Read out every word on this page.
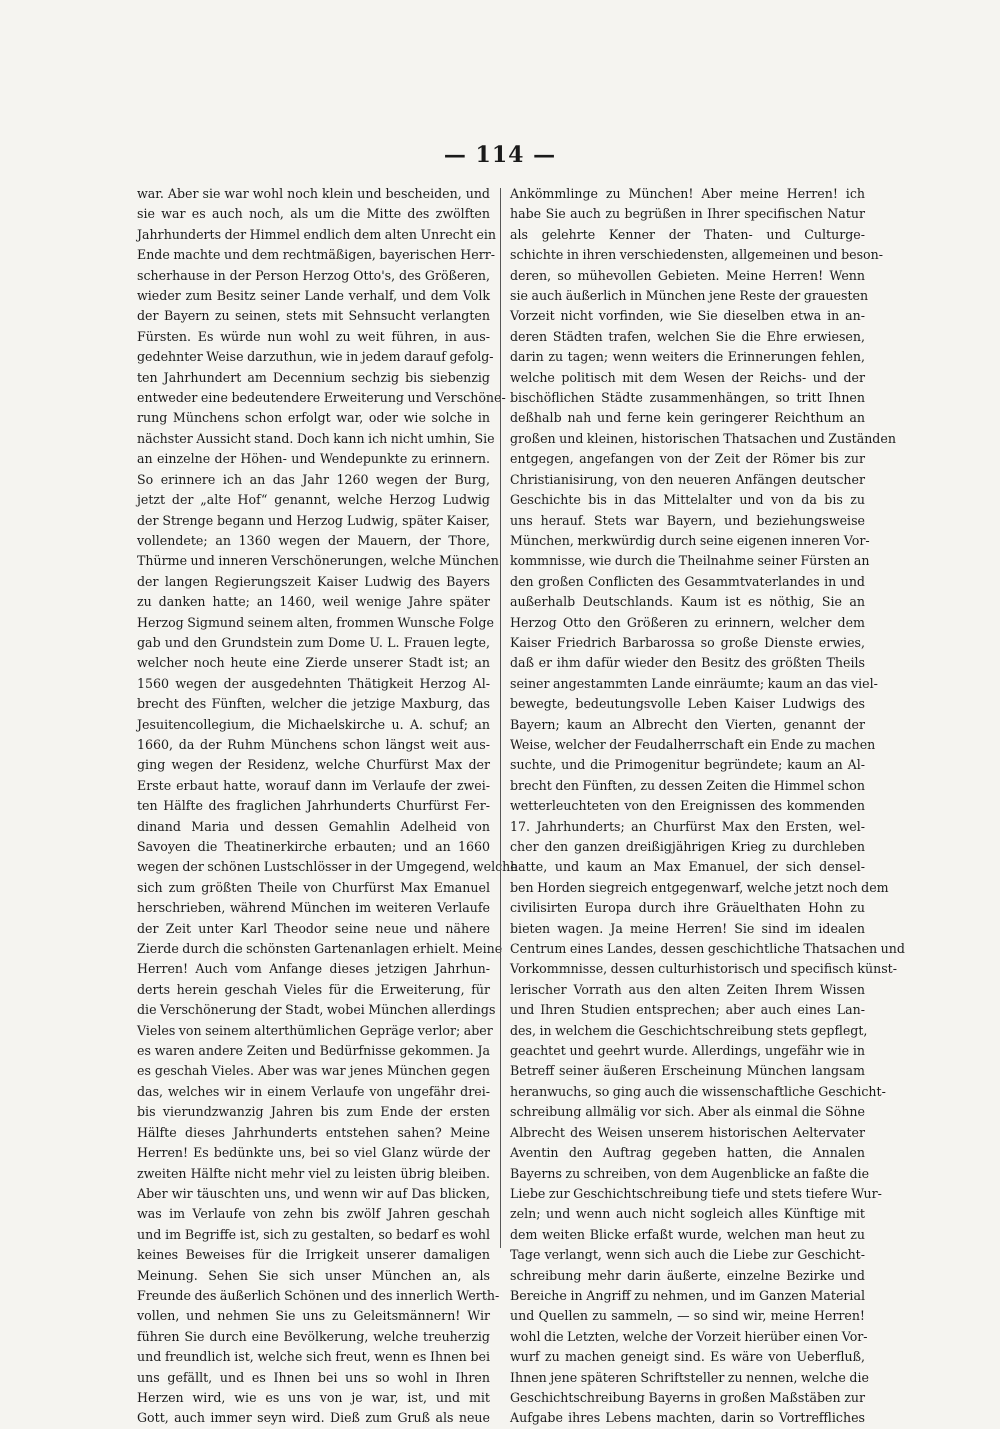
— 114 —
war. Aber sie war wohl noch klein und bescheiden, und
sie war es auch noch, als um die Mitte des zwölften
Jahrhunderts der Himmel endlich dem alten Unrecht ein
Ende machte und dem rechtmäßigen, bayerischen Herr-
scherhause in der Person Herzog Otto's, des Größeren,
wieder zum Besitz seiner Lande verhalf, und dem Volk
der Bayern zu seinen, stets mit Sehnsucht verlangten
Fürsten. Es würde nun wohl zu weit führen, in aus-
gedehnter Weise darzuthun, wie in jedem darauf gefolg-
ten Jahrhundert am Decennium sechzig bis siebenzig
entweder eine bedeutendere Erweiterung und Verschöne-
rung Münchens schon erfolgt war, oder wie solche in
nächster Aussicht stand. Doch kann ich nicht umhin, Sie
an einzelne der Höhen- und Wendepunkte zu erinnern.
So erinnere ich an das Jahr 1260 wegen der Burg,
jetzt der „alte Hof“ genannt, welche Herzog Ludwig
der Strenge begann und Herzog Ludwig, später Kaiser,
vollendete; an 1360 wegen der Mauern, der Thore,
Thürme und inneren Verschönerungen, welche München
der langen Regierungszeit Kaiser Ludwig des Bayers
zu danken hatte; an 1460, weil wenige Jahre später
Herzog Sigmund seinem alten, frommen Wunsche Folge
gab und den Grundstein zum Dome U. L. Frauen legte,
welcher noch heute eine Zierde unserer Stadt ist; an
1560 wegen der ausgedehnten Thätigkeit Herzog Al-
brecht des Fünften, welcher die jetzige Maxburg, das
Jesuitencollegium, die Michaelskirche u. A. schuf; an
1660, da der Ruhm Münchens schon längst weit aus-
ging wegen der Residenz, welche Churfürst Max der
Erste erbaut hatte, worauf dann im Verlaufe der zwei-
ten Hälfte des fraglichen Jahrhunderts Churfürst Fer-
dinand Maria und dessen Gemahlin Adelheid von
Savoyen die Theatinerkirche erbauten; und an 1660
wegen der schönen Lustschlösser in der Umgegend, welche
sich zum größten Theile von Churfürst Max Emanuel
herschrieben, während München im weiteren Verlaufe
der Zeit unter Karl Theodor seine neue und nähere
Zierde durch die schönsten Gartenanlagen erhielt. Meine
Herren! Auch vom Anfange dieses jetzigen Jahrhun-
derts herein geschah Vieles für die Erweiterung, für
die Verschönerung der Stadt, wobei München allerdings
Vieles von seinem alterthümlichen Gepräge verlor; aber
es waren andere Zeiten und Bedürfnisse gekommen. Ja
es geschah Vieles. Aber was war jenes München gegen
das, welches wir in einem Verlaufe von ungefähr drei-
bis vierundzwanzig Jahren bis zum Ende der ersten
Hälfte dieses Jahrhunderts entstehen sahen? Meine
Herren! Es bedünkte uns, bei so viel Glanz würde der
zweiten Hälfte nicht mehr viel zu leisten übrig bleiben.
Aber wir täuschten uns, und wenn wir auf Das blicken,
was im Verlaufe von zehn bis zwölf Jahren geschah
und im Begriffe ist, sich zu gestalten, so bedarf es wohl
keines Beweises für die Irrigkeit unserer damaligen
Meinung. Sehen Sie sich unser München an, als
Freunde des äußerlich Schönen und des innerlich Werth-
vollen, und nehmen Sie uns zu Geleitsmännern! Wir
führen Sie durch eine Bevölkerung, welche treuherzig
und freundlich ist, welche sich freut, wenn es Ihnen bei
uns gefällt, und es Ihnen bei uns so wohl in Ihren
Herzen wird, wie es uns von je war, ist, und mit
Gott, auch immer seyn wird. Dieß zum Gruß als neue
Ankömmlinge zu München! Aber meine Herren! ich
habe Sie auch zu begrüßen in Ihrer specifischen Natur
als gelehrte Kenner der Thaten- und Culturge-
schichte in ihren verschiedensten, allgemeinen und beson-
deren, so mühevollen Gebieten. Meine Herren! Wenn
sie auch äußerlich in München jene Reste der grauesten
Vorzeit nicht vorfinden, wie Sie dieselben etwa in an-
deren Städten trafen, welchen Sie die Ehre erwiesen,
darin zu tagen; wenn weiters die Erinnerungen fehlen,
welche politisch mit dem Wesen der Reichs- und der
bischöflichen Städte zusammenhängen, so tritt Ihnen
deßhalb nah und ferne kein geringerer Reichthum an
großen und kleinen, historischen Thatsachen und Zuständen
entgegen, angefangen von der Zeit der Römer bis zur
Christianisirung, von den neueren Anfängen deutscher
Geschichte bis in das Mittelalter und von da bis zu
uns herauf. Stets war Bayern, und beziehungsweise
München, merkwürdig durch seine eigenen inneren Vor-
kommnisse, wie durch die Theilnahme seiner Fürsten an
den großen Conflicten des Gesammtvaterlandes in und
außerhalb Deutschlands. Kaum ist es nöthig, Sie an
Herzog Otto den Größeren zu erinnern, welcher dem
Kaiser Friedrich Barbarossa so große Dienste erwies,
daß er ihm dafür wieder den Besitz des größten Theils
seiner angestammten Lande einräumte; kaum an das viel-
bewegte, bedeutungsvolle Leben Kaiser Ludwigs des
Bayern; kaum an Albrecht den Vierten, genannt der
Weise, welcher der Feudalherrschaft ein Ende zu machen
suchte, und die Primogenitur begründete; kaum an Al-
brecht den Fünften, zu dessen Zeiten die Himmel schon
wetterleuchteten von den Ereignissen des kommenden
17. Jahrhunderts; an Churfürst Max den Ersten, wel-
cher den ganzen dreißigjährigen Krieg zu durchleben
hatte, und kaum an Max Emanuel, der sich densel-
ben Horden siegreich entgegenwarf, welche jetzt noch dem
civilisirten Europa durch ihre Gräuelthaten Hohn zu
bieten wagen. Ja meine Herren! Sie sind im idealen
Centrum eines Landes, dessen geschichtliche Thatsachen und
Vorkommnisse, dessen culturhistorisch und specifisch künst-
lerischer Vorrath aus den alten Zeiten Ihrem Wissen
und Ihren Studien entsprechen; aber auch eines Lan-
des, in welchem die Geschichtschreibung stets gepflegt,
geachtet und geehrt wurde. Allerdings, ungefähr wie in
Betreff seiner äußeren Erscheinung München langsam
heranwuchs, so ging auch die wissenschaftliche Geschicht-
schreibung allmälig vor sich. Aber als einmal die Söhne
Albrecht des Weisen unserem historischen Aeltervater
Aventin den Auftrag gegeben hatten, die Annalen
Bayerns zu schreiben, von dem Augenblicke an faßte die
Liebe zur Geschichtschreibung tiefe und stets tiefere Wur-
zeln; und wenn auch nicht sogleich alles Künftige mit
dem weiten Blicke erfaßt wurde, welchen man heut zu
Tage verlangt, wenn sich auch die Liebe zur Geschicht-
schreibung mehr darin äußerte, einzelne Bezirke und
Bereiche in Angriff zu nehmen, und im Ganzen Material
und Quellen zu sammeln, — so sind wir, meine Herren!
wohl die Letzten, welche der Vorzeit hierüber einen Vor-
wurf zu machen geneigt sind. Es wäre von Ueberfluß,
Ihnen jene späteren Schriftsteller zu nennen, welche die
Geschichtschreibung Bayerns in großen Maßstäben zur
Aufgabe ihres Lebens machten, darin so Vortreffliches
